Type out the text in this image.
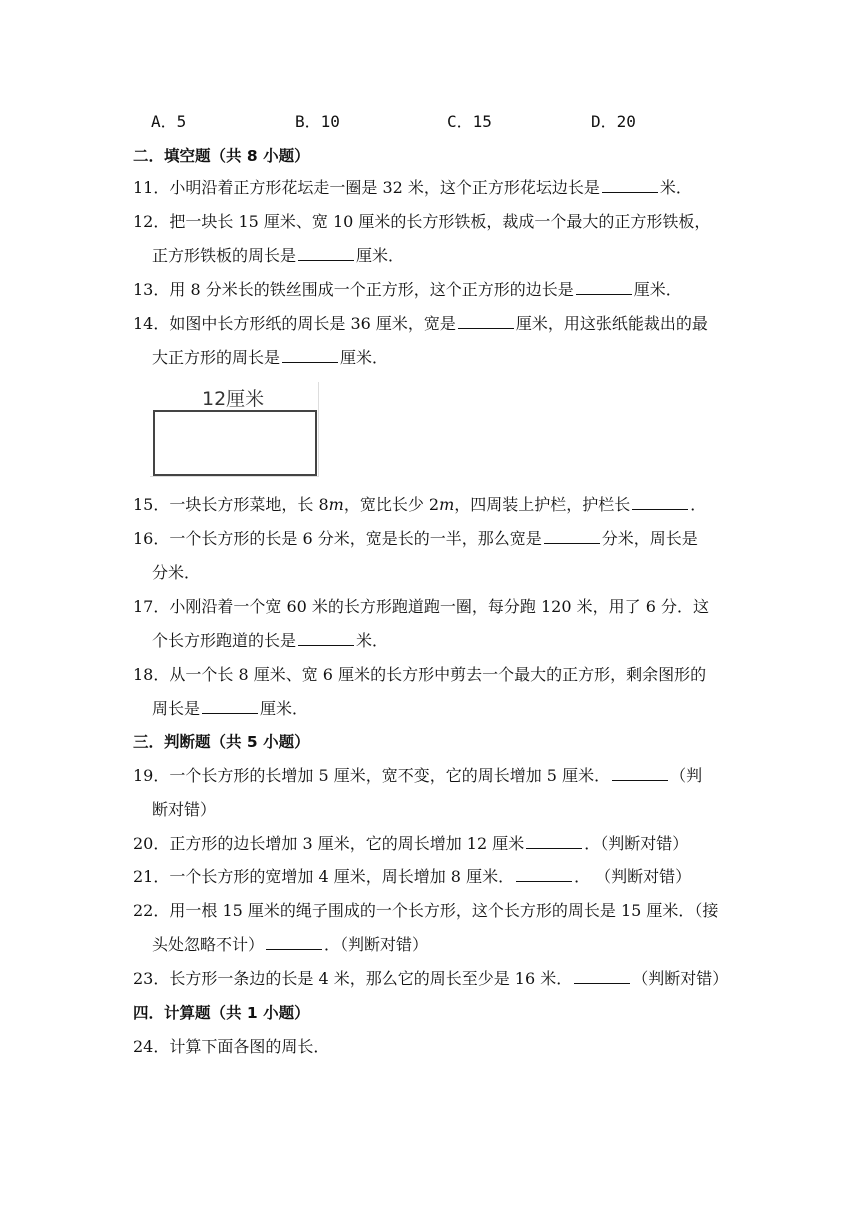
A．5	B．10	C．15	D．20
二．填空题（共 8 小题）
11．小明沿着正方形花坛走一圈是 32 米，这个正方形花坛边长是	米．
12．把一块长 15 厘米、宽 10 厘米的长方形铁板，裁成一个最大的正方形铁板，
正方形铁板的周长是	厘米．
13．用 8 分米长的铁丝围成一个正方形，这个正方形的边长是	厘米．
14．如图中长方形纸的周长是 36 厘米，宽是	厘米，用这张纸能裁出的最
大正方形的周长是	厘米．
12厘米
15．一块长方形菜地，长 8m，宽比长少 2m，四周装上护栏，护栏长	．
16．一个长方形的长是 6 分米，宽是长的一半，那么宽是	分米，周长是
分米．
17．小刚沿着一个宽 60 米的长方形跑道跑一圈，每分跑 120 米，用了 6 分．这
个长方形跑道的长是	米．
18．从一个长 8 厘米、宽 6 厘米的长方形中剪去一个最大的正方形，剩余图形的
周长是	厘米．
三．判断题（共 5 小题）
19．一个长方形的长增加 5 厘米，宽不变，它的周长增加 5 厘米．	（判
断对错）
20．正方形的边长增加 3 厘米，它的周长增加 12 厘米	．（判断对错）
21．一个长方形的宽增加 4 厘米，周长增加 8 厘米．	． （判断对错）
22．用一根 15 厘米的绳子围成的一个长方形，这个长方形的周长是 15 厘米．（接
头处忽略不计）	．（判断对错）
23．长方形一条边的长是 4 米，那么它的周长至少是 16 米．	（判断对错）
四．计算题（共 1 小题）
24．计算下面各图的周长．
